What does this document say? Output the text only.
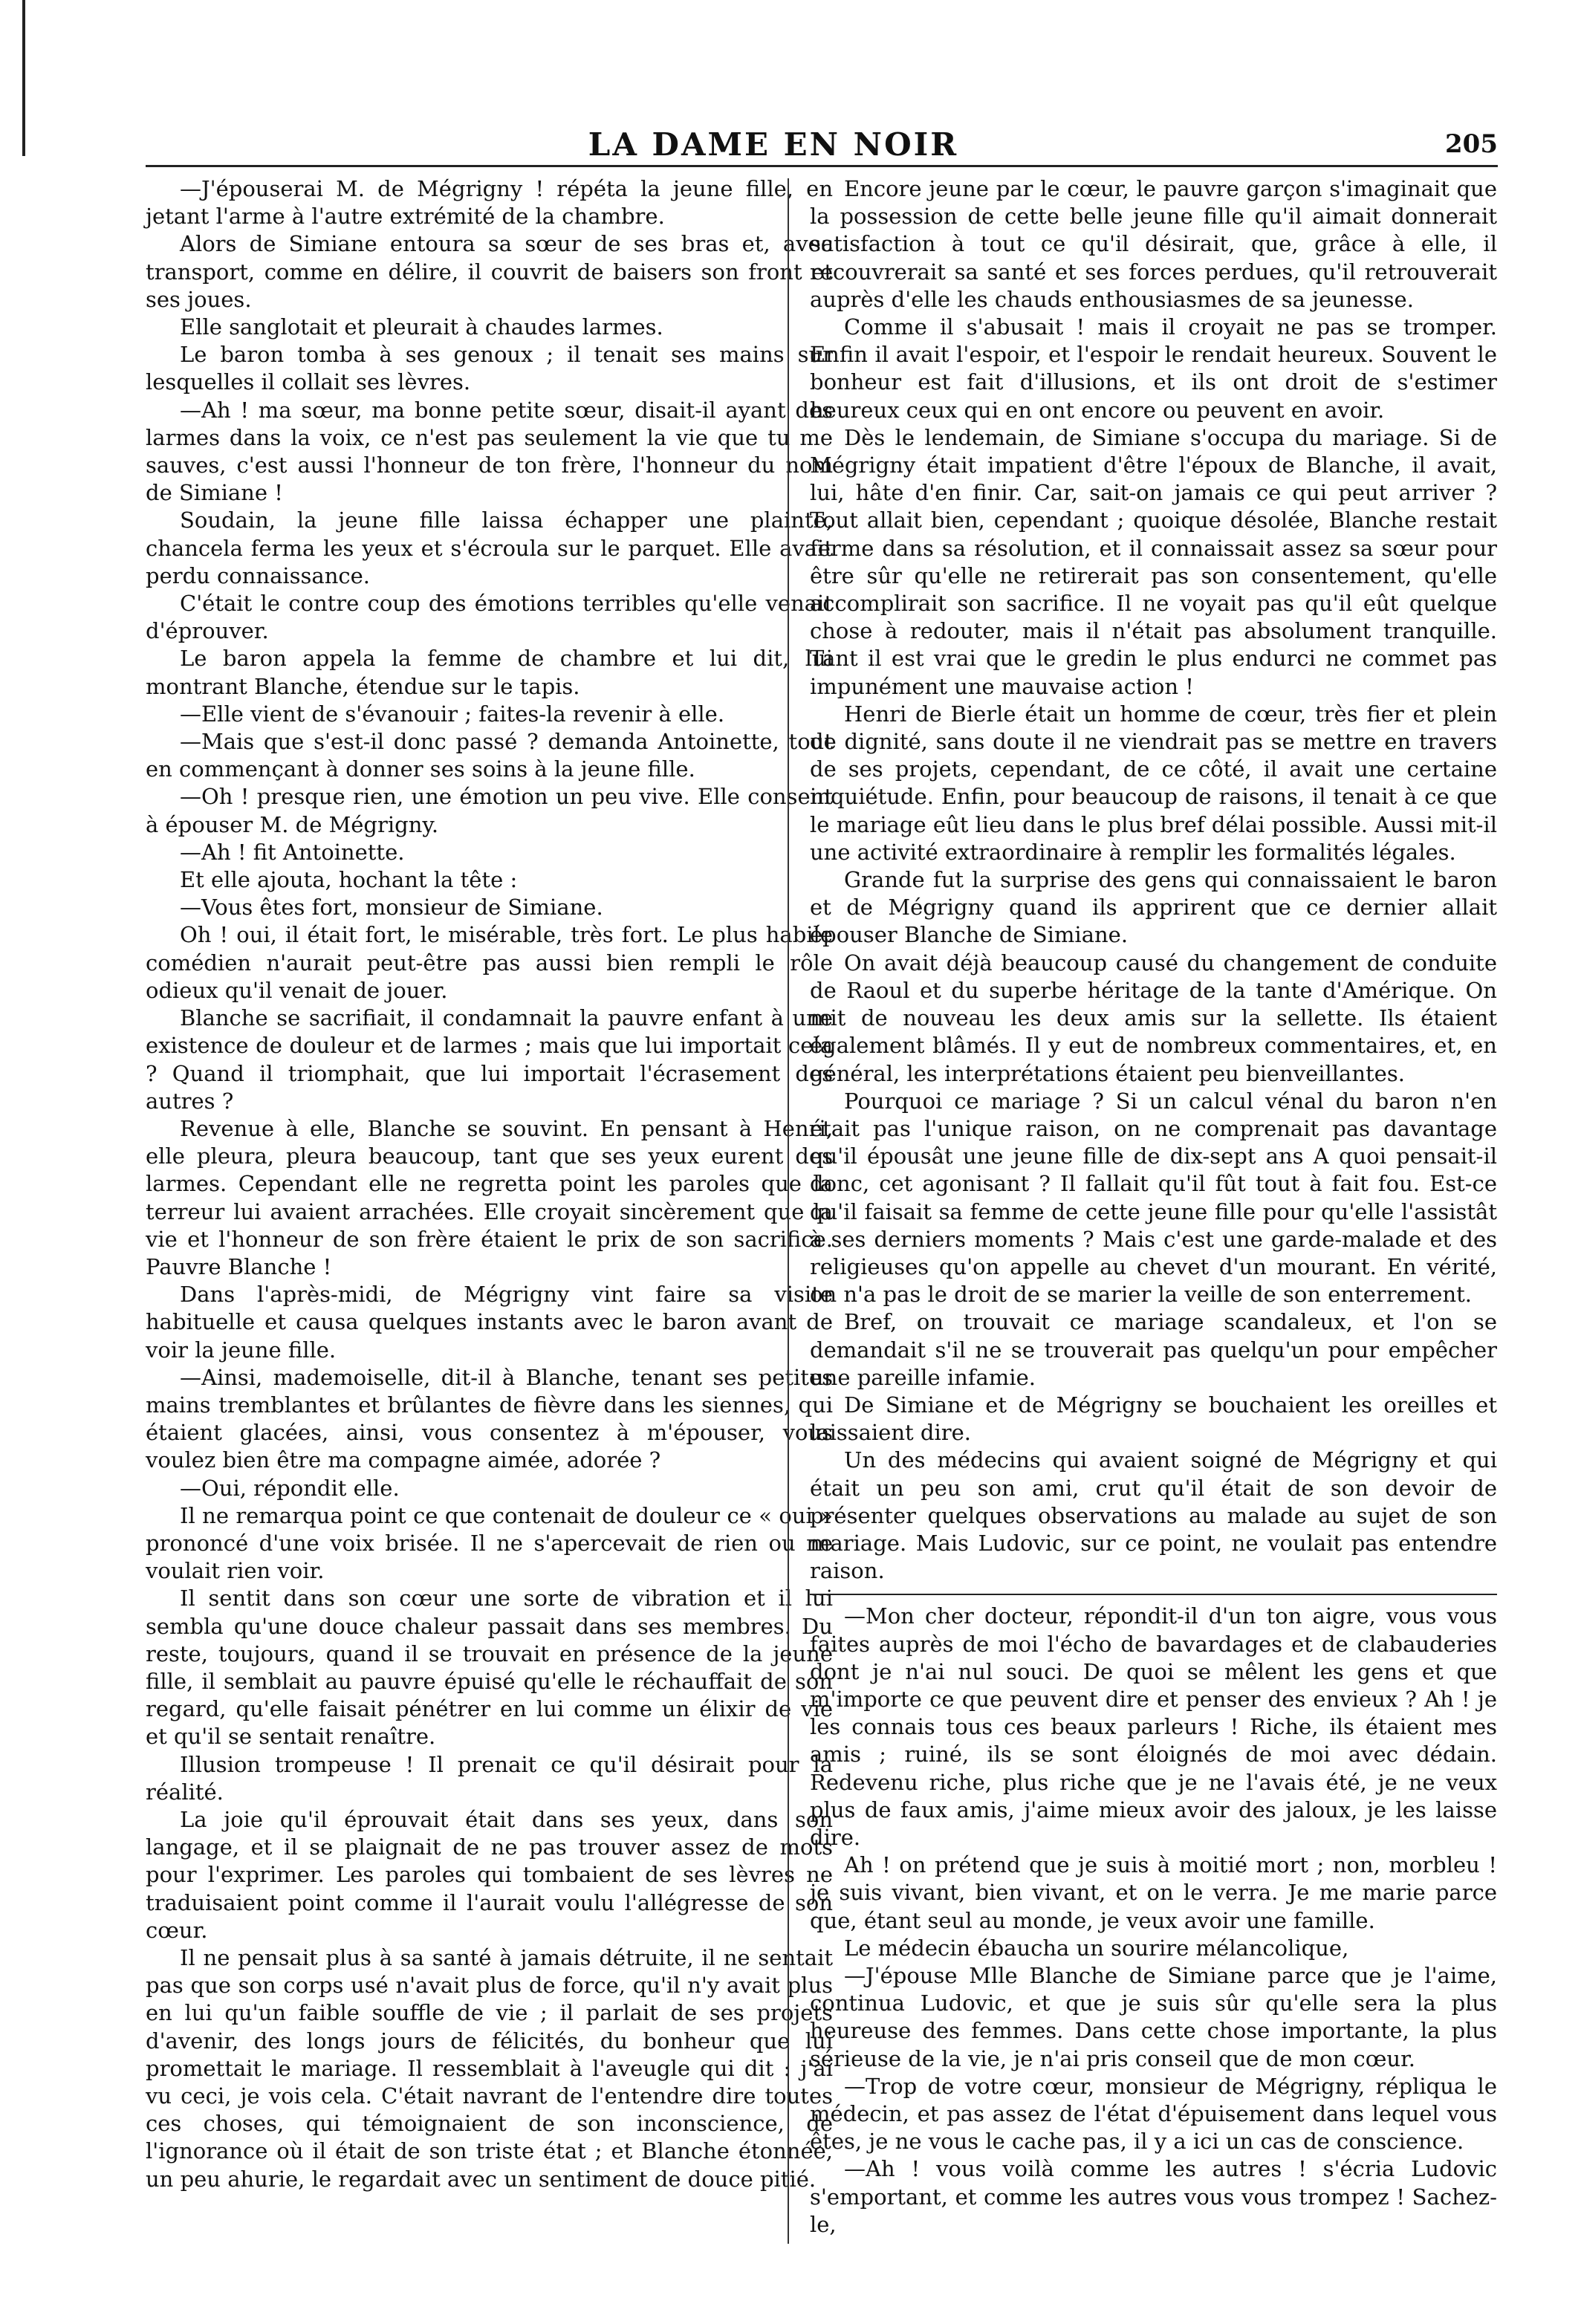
LA DAME EN NOIR	205

—J'épouserai M. de Mégrigny ! répéta la jeune fille, en jetant l'arme à l'autre extrémité de la chambre.

Alors de Simiane entoura sa sœur de ses bras et, avec transport, comme en délire, il couvrit de baisers son front et ses joues.

Elle sanglotait et pleurait à chaudes larmes.

Le baron tomba à ses genoux ; il tenait ses mains sur lesquelles il collait ses lèvres.

—Ah ! ma sœur, ma bonne petite sœur, disait-il ayant des larmes dans la voix, ce n'est pas seulement la vie que tu me sauves, c'est aussi l'honneur de ton frère, l'honneur du nom de Simiane !

Soudain, la jeune fille laissa échapper une plainte, chancela ferma les yeux et s'écroula sur le parquet. Elle avait perdu connaissance.

C'était le contre coup des émotions terribles qu'elle venait d'éprouver.

Le baron appela la femme de chambre et lui dit, lui montrant Blanche, étendue sur le tapis.

—Elle vient de s'évanouir ; faites-la revenir à elle.

—Mais que s'est-il donc passé ? demanda Antoinette, tout en commençant à donner ses soins à la jeune fille.

—Oh ! presque rien, une émotion un peu vive. Elle consent à épouser M. de Mégrigny.

—Ah ! fit Antoinette.

Et elle ajouta, hochant la tête :

—Vous êtes fort, monsieur de Simiane.

Oh ! oui, il était fort, le misérable, très fort. Le plus habile comédien n'aurait peut-être pas aussi bien rempli le rôle odieux qu'il venait de jouer.

Blanche se sacrifiait, il condamnait la pauvre enfant à une existence de douleur et de larmes ; mais que lui importait cela ? Quand il triomphait, que lui importait l'écrasement des autres ?

Revenue à elle, Blanche se souvint. En pensant à Henri, elle pleura, pleura beaucoup, tant que ses yeux eurent des larmes. Cependant elle ne regretta point les paroles que la terreur lui avaient arrachées. Elle croyait sincèrement que la vie et l'honneur de son frère étaient le prix de son sacrifice. Pauvre Blanche !

Dans l'après-midi, de Mégrigny vint faire sa visite habituelle et causa quelques instants avec le baron avant de voir la jeune fille.

—Ainsi, mademoiselle, dit-il à Blanche, tenant ses petites mains tremblantes et brûlantes de fièvre dans les siennes, qui étaient glacées, ainsi, vous consentez à m'épouser, vous voulez bien être ma compagne aimée, adorée ?

—Oui, répondit elle.

Il ne remarqua point ce que contenait de douleur ce « oui » prononcé d'une voix brisée. Il ne s'apercevait de rien ou ne voulait rien voir.

Il sentit dans son cœur une sorte de vibration et il lui sembla qu'une douce chaleur passait dans ses membres. Du reste, toujours, quand il se trouvait en présence de la jeune fille, il semblait au pauvre épuisé qu'elle le réchauffait de son regard, qu'elle faisait pénétrer en lui comme un élixir de vie et qu'il se sentait renaître.

Illusion trompeuse ! Il prenait ce qu'il désirait pour la réalité.

La joie qu'il éprouvait était dans ses yeux, dans son langage, et il se plaignait de ne pas trouver assez de mots pour l'exprimer. Les paroles qui tombaient de ses lèvres ne traduisaient point comme il l'aurait voulu l'allégresse de son cœur.

Il ne pensait plus à sa santé à jamais détruite, il ne sentait pas que son corps usé n'avait plus de force, qu'il n'y avait plus en lui qu'un faible souffle de vie ; il parlait de ses projets d'avenir, des longs jours de félicités, du bonheur que lui promettait le mariage. Il ressemblait à l'aveugle qui dit : j'ai vu ceci, je vois cela. C'était navrant de l'entendre dire toutes ces choses, qui témoignaient de son inconscience, de l'ignorance où il était de son triste état ; et Blanche étonnée, un peu ahurie, le regardait avec un sentiment de douce pitié.

Encore jeune par le cœur, le pauvre garçon s'imaginait que la possession de cette belle jeune fille qu'il aimait donnerait satisfaction à tout ce qu'il désirait, que, grâce à elle, il recouvrerait sa santé et ses forces perdues, qu'il retrouverait auprès d'elle les chauds enthousiasmes de sa jeunesse.

Comme il s'abusait ! mais il croyait ne pas se tromper. Enfin il avait l'espoir, et l'espoir le rendait heureux. Souvent le bonheur est fait d'illusions, et ils ont droit de s'estimer heureux ceux qui en ont encore ou peuvent en avoir.

Dès le lendemain, de Simiane s'occupa du mariage. Si de Mégrigny était impatient d'être l'époux de Blanche, il avait, lui, hâte d'en finir. Car, sait-on jamais ce qui peut arriver ? Tout allait bien, cependant ; quoique désolée, Blanche restait ferme dans sa résolution, et il connaissait assez sa sœur pour être sûr qu'elle ne retirerait pas son consentement, qu'elle accomplirait son sacrifice. Il ne voyait pas qu'il eût quelque chose à redouter, mais il n'était pas absolument tranquille. Tant il est vrai que le gredin le plus endurci ne commet pas impunément une mauvaise action !

Henri de Bierle était un homme de cœur, très fier et plein de dignité, sans doute il ne viendrait pas se mettre en travers de ses projets, cependant, de ce côté, il avait une certaine inquiétude. Enfin, pour beaucoup de raisons, il tenait à ce que le mariage eût lieu dans le plus bref délai possible. Aussi mit-il une activité extraordinaire à remplir les formalités légales.

Grande fut la surprise des gens qui connaissaient le baron et de Mégrigny quand ils apprirent que ce dernier allait épouser Blanche de Simiane.

On avait déjà beaucoup causé du changement de conduite de Raoul et du superbe héritage de la tante d'Amérique. On mit de nouveau les deux amis sur la sellette. Ils étaient également blâmés. Il y eut de nombreux commentaires, et, en général, les interprétations étaient peu bienveillantes.

Pourquoi ce mariage ? Si un calcul vénal du baron n'en était pas l'unique raison, on ne comprenait pas davantage qu'il épousât une jeune fille de dix-sept ans A quoi pensait-il donc, cet agonisant ? Il fallait qu'il fût tout à fait fou. Est-ce qu'il faisait sa femme de cette jeune fille pour qu'elle l'assistât à ses derniers moments ? Mais c'est une garde-malade et des religieuses qu'on appelle au chevet d'un mourant. En vérité, on n'a pas le droit de se marier la veille de son enterrement.

Bref, on trouvait ce mariage scandaleux, et l'on se demandait s'il ne se trouverait pas quelqu'un pour empêcher une pareille infamie.

De Simiane et de Mégrigny se bouchaient les oreilles et laissaient dire.

Un des médecins qui avaient soigné de Mégrigny et qui était un peu son ami, crut qu'il était de son devoir de présenter quelques observations au malade au sujet de son mariage. Mais Ludovic, sur ce point, ne voulait pas entendre raison.

—Mon cher docteur, répondit-il d'un ton aigre, vous vous faites auprès de moi l'écho de bavardages et de clabauderies dont je n'ai nul souci. De quoi se mêlent les gens et que m'importe ce que peuvent dire et penser des envieux ? Ah ! je les connais tous ces beaux parleurs ! Riche, ils étaient mes amis ; ruiné, ils se sont éloignés de moi avec dédain. Redevenu riche, plus riche que je ne l'avais été, je ne veux plus de faux amis, j'aime mieux avoir des jaloux, je les laisse dire.

Ah ! on prétend que je suis à moitié mort ; non, morbleu ! je suis vivant, bien vivant, et on le verra. Je me marie parce que, étant seul au monde, je veux avoir une famille.

Le médecin ébaucha un sourire mélancolique,

—J'épouse Mlle Blanche de Simiane parce que je l'aime, continua Ludovic, et que je suis sûr qu'elle sera la plus heureuse des femmes. Dans cette chose importante, la plus sérieuse de la vie, je n'ai pris conseil que de mon cœur.

—Trop de votre cœur, monsieur de Mégrigny, répliqua le médecin, et pas assez de l'état d'épuisement dans lequel vous êtes, je ne vous le cache pas, il y a ici un cas de conscience.

—Ah ! vous voilà comme les autres ! s'écria Ludovic s'emportant, et comme les autres vous vous trompez ! Sachez-le,
